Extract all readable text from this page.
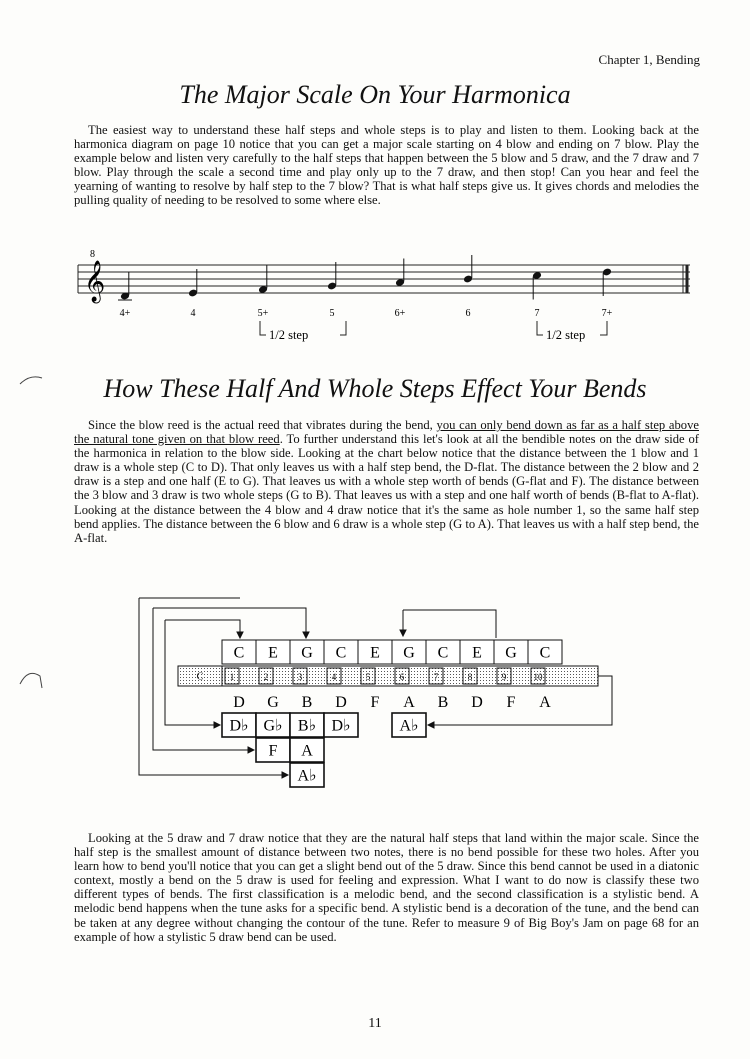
Chapter 1, Bending
The Major Scale On Your Harmonica

The easiest way to understand these half steps and whole steps is to play and listen to them. Looking back at the harmonica diagram on page 10 notice that you can get a major scale starting on 4 blow and ending on 7 blow. Play the example below and listen very carefully to the half steps that happen between the 5 blow and 5 draw, and the 7 draw and 7 blow. Play through the scale a second time and play only up to the 7 draw, and then stop! Can you hear and feel the yearning of wanting to resolve by half step to the 7 blow? That is what half steps give us. It gives chords and melodies the pulling quality of needing to be resolved to some where else.

8
𝄞
4+	4	5+	5	6+	6	7	7+
1/2 step	1/2 step
How These Half And Whole Steps Effect Your Bends

Since the blow reed is the actual reed that vibrates during the bend, you can only bend down as far as a half step above the natural tone given on that blow reed. To further understand this let's look at all the bendible notes on the draw side of the harmonica in relation to the blow side. Looking at the chart below notice that the distance between the 1 blow and 1 draw is a whole step (C to D). That only leaves us with a half step bend, the D-flat. The distance between the 2 blow and 2 draw is a step and one half (E to G). That leaves us with a whole step worth of bends (G-flat and F). The distance between the 3 blow and 3 draw is two whole steps (G to B). That leaves us with a step and one half worth of bends (B-flat to A-flat). Looking at the distance between the 4 blow and 4 draw notice that it's the same as hole number 1, so the same half step bend applies. The distance between the 6 blow and 6 draw is a whole step (G to A). That leaves us with a half step bend, the A-flat.

C E G C E G C E G C
C	1	2	3	4	5	6	7	8	9	10
D G B D F A B D F A
D♭ G♭ B♭ D♭	A♭
F A
A♭

Looking at the 5 draw and 7 draw notice that they are the natural half steps that land within the major scale. Since the half step is the smallest amount of distance between two notes, there is no bend possible for these two holes. After you learn how to bend you'll notice that you can get a slight bend out of the 5 draw. Since this bend cannot be used in a diatonic context, mostly a bend on the 5 draw is used for feeling and expression. What I want to do now is classify these two different types of bends. The first classification is a melodic bend, and the second classification is a stylistic bend. A melodic bend happens when the tune asks for a specific bend. A stylistic bend is a decoration of the tune, and the bend can be taken at any degree without changing the contour of the tune. Refer to measure 9 of Big Boy's Jam on page 68 for an example of how a stylistic 5 draw bend can be used.

11
